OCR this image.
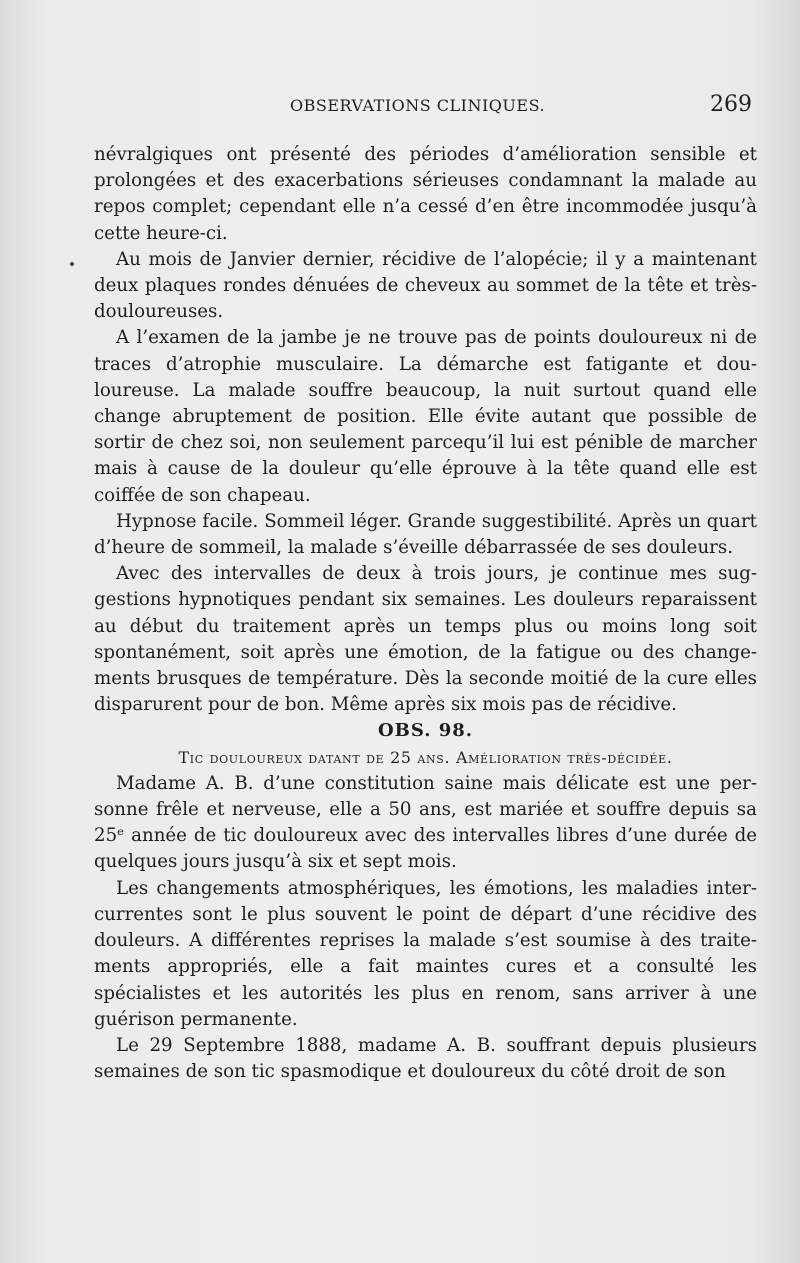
OBSERVATIONS CLINIQUES.	269

névralgiques ont présenté des périodes d’amélioration sensible et prolongées et des exacerbations sérieuses condamnant la malade au repos complet; cependant elle n’a cessé d’en être incommodée jusqu’à cette heure-ci.

Au mois de Janvier dernier, récidive de l’alopécie; il y a maintenant deux plaques rondes dénuées de cheveux au sommet de la tête et très-douloureuses.

A l’examen de la jambe je ne trouve pas de points douloureux ni de traces d’atrophie musculaire. La démarche est fatigante et douloureuse. La malade souffre beaucoup, la nuit surtout quand elle change abruptement de position. Elle évite autant que possible de sortir de chez soi, non seulement parcequ’il lui est pénible de marcher mais à cause de la douleur qu’elle éprouve à la tête quand elle est coiffée de son chapeau.

Hypnose facile. Sommeil léger. Grande suggestibilité. Après un quart d’heure de sommeil, la malade s’éveille débarrassée de ses douleurs.

Avec des intervalles de deux à trois jours, je continue mes suggestions hypnotiques pendant six semaines. Les douleurs reparaissent au début du traitement après un temps plus ou moins long soit spontanément, soit après une émotion, de la fatigue ou des changements brusques de température. Dès la seconde moitié de la cure elles disparurent pour de bon. Même après six mois pas de récidive.

OBS. 98.

Tic douloureux datant de 25 ans. Amélioration très-décidée.

Madame A. B. d’une constitution saine mais délicate est une personne frêle et nerveuse, elle a 50 ans, est mariée et souffre depuis sa 25ᵉ année de tic douloureux avec des intervalles libres d’une durée de quelques jours jusqu’à six et sept mois.

Les changements atmosphériques, les émotions, les maladies intercurrentes sont le plus souvent le point de départ d’une récidive des douleurs. A différentes reprises la malade s’est soumise à des traitements appropriés, elle a fait maintes cures et a consulté les spécialistes et les autorités les plus en renom, sans arriver à une guérison permanente.

Le 29 Septembre 1888, madame A. B. souffrant depuis plusieurs semaines de son tic spasmodique et douloureux du côté droit de son
